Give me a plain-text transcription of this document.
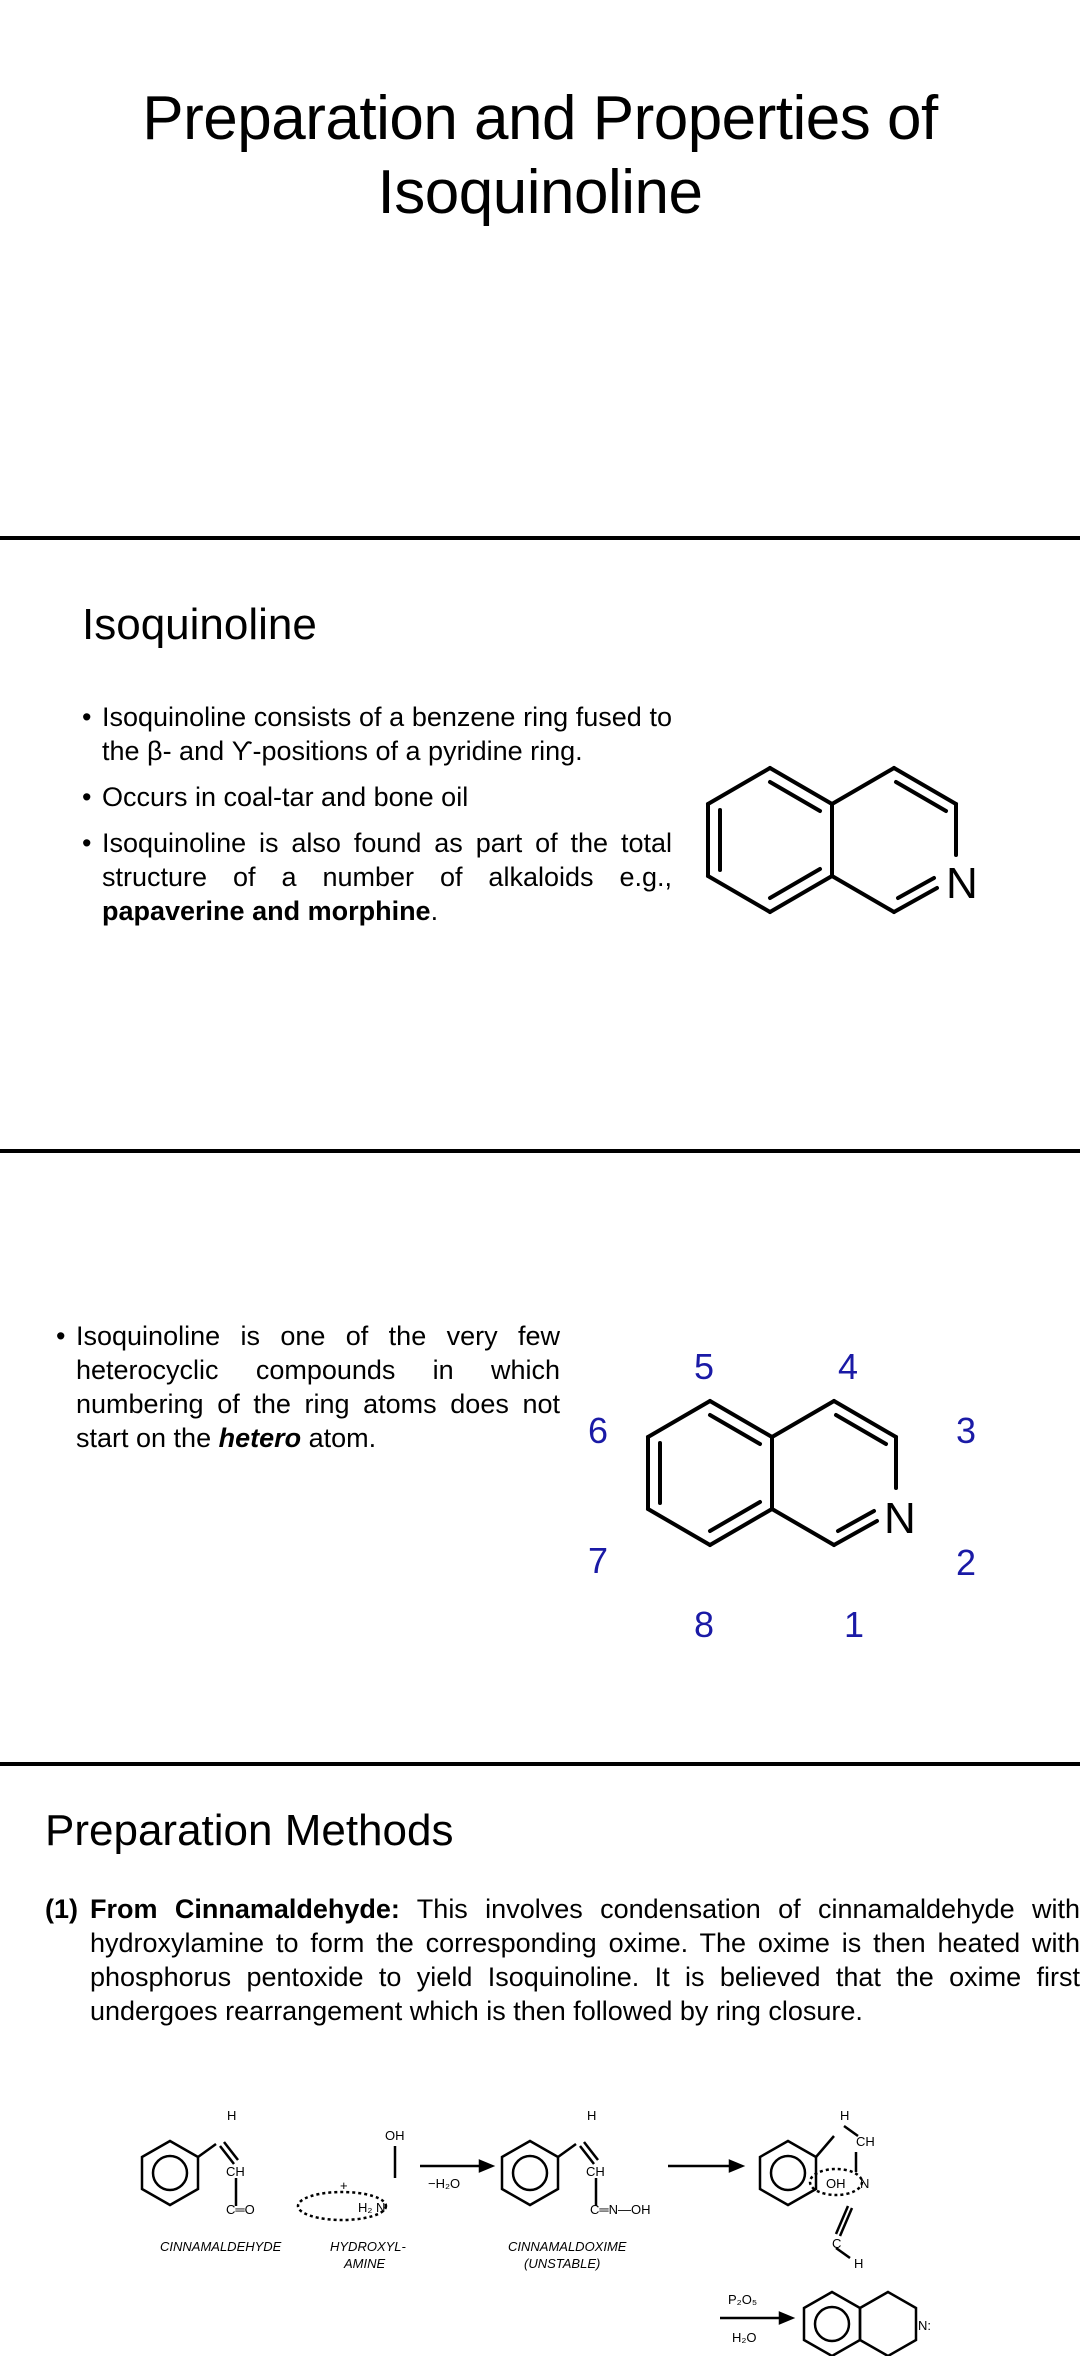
Preparation and Properties of Isoquinoline
Isoquinoline
• Isoquinoline consists of a benzene ring fused to the β- and ϒ-positions of a pyridine ring.
• Occurs in coal-tar and bone oil
• Isoquinoline is also found as part of the total structure of a number of alkaloids e.g., papaverine and morphine.
N
• Isoquinoline is one of the very few heterocyclic compounds in which numbering of the ring atoms does not start on the hetero atom.
N
5	4
3
2
1
8
7
6
Preparation Methods
(1) From Cinnamaldehyde: This involves condensation of cinnamaldehyde with hydroxylamine to form the corresponding oxime. The oxime is then heated with phosphorus pentoxide to yield Isoquinoline. It is believed that the oxime first undergoes rearrangement which is then followed by ring closure.
H
CH
C═O
+
OH
H₂ N
−H₂O
H
CH
C═N—OH
H
CH
OH N
C
H
N:
P₂O₅
H₂O
CINNAMALDEHYDE	HYDROXYL-
AMINE
CINNAMALDOXIME
(UNSTABLE)
